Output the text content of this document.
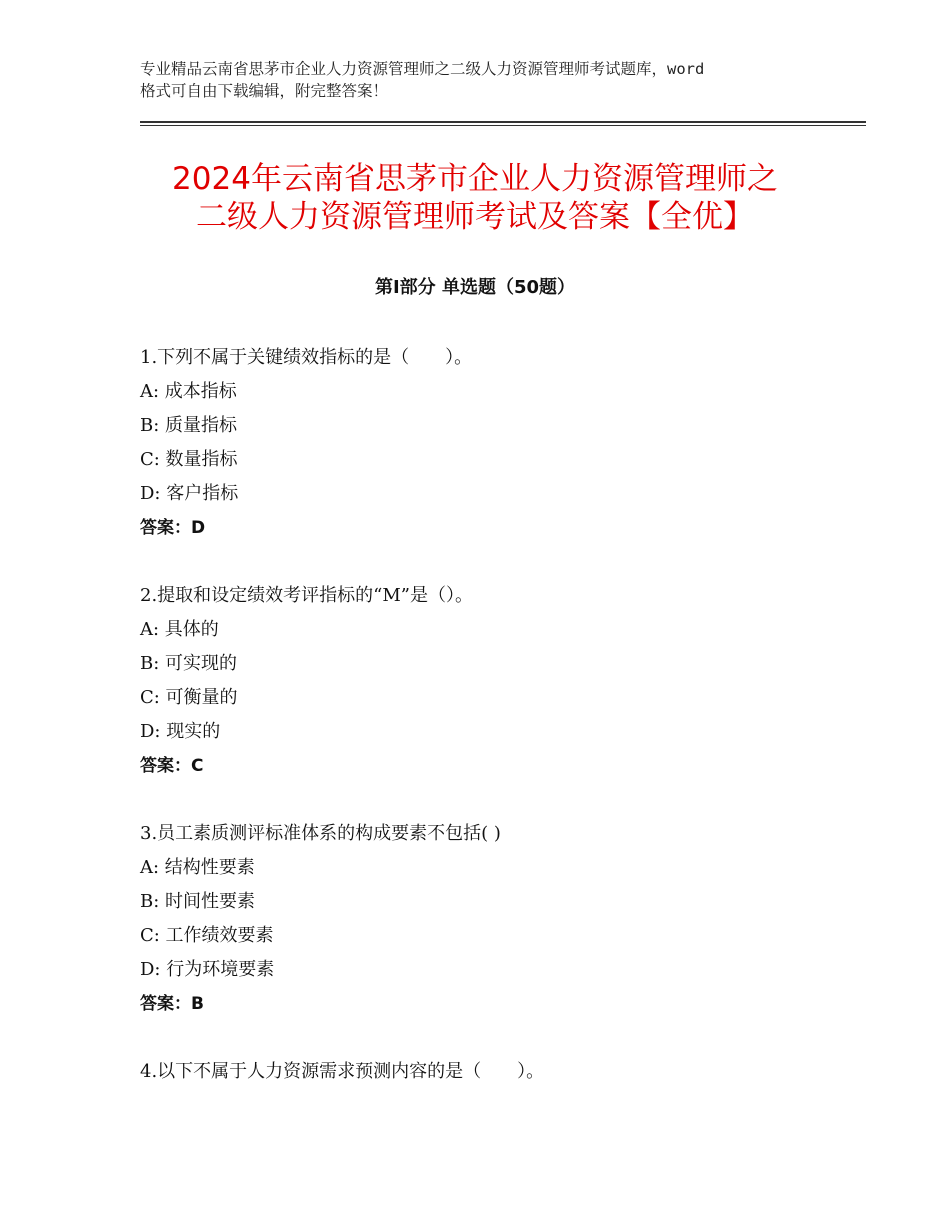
专业精品云南省思茅市企业人力资源管理师之二级人力资源管理师考试题库，word
格式可自由下载编辑，附完整答案！
2024年云南省思茅市企业人力资源管理师之
二级人力资源管理师考试及答案【全优】
第Ⅰ部分 单选题（50题）
1.下列不属于关键绩效指标的是（　　）。
A: 成本指标
B: 质量指标
C: 数量指标
D: 客户指标
答案：D
2.提取和设定绩效考评指标的“M”是（）。
A: 具体的
B: 可实现的
C: 可衡量的
D: 现实的
答案：C
3.员工素质测评标准体系的构成要素不包括( )
A: 结构性要素
B: 时间性要素
C: 工作绩效要素
D: 行为环境要素
答案：B
4.以下不属于人力资源需求预测内容的是（　　）。
